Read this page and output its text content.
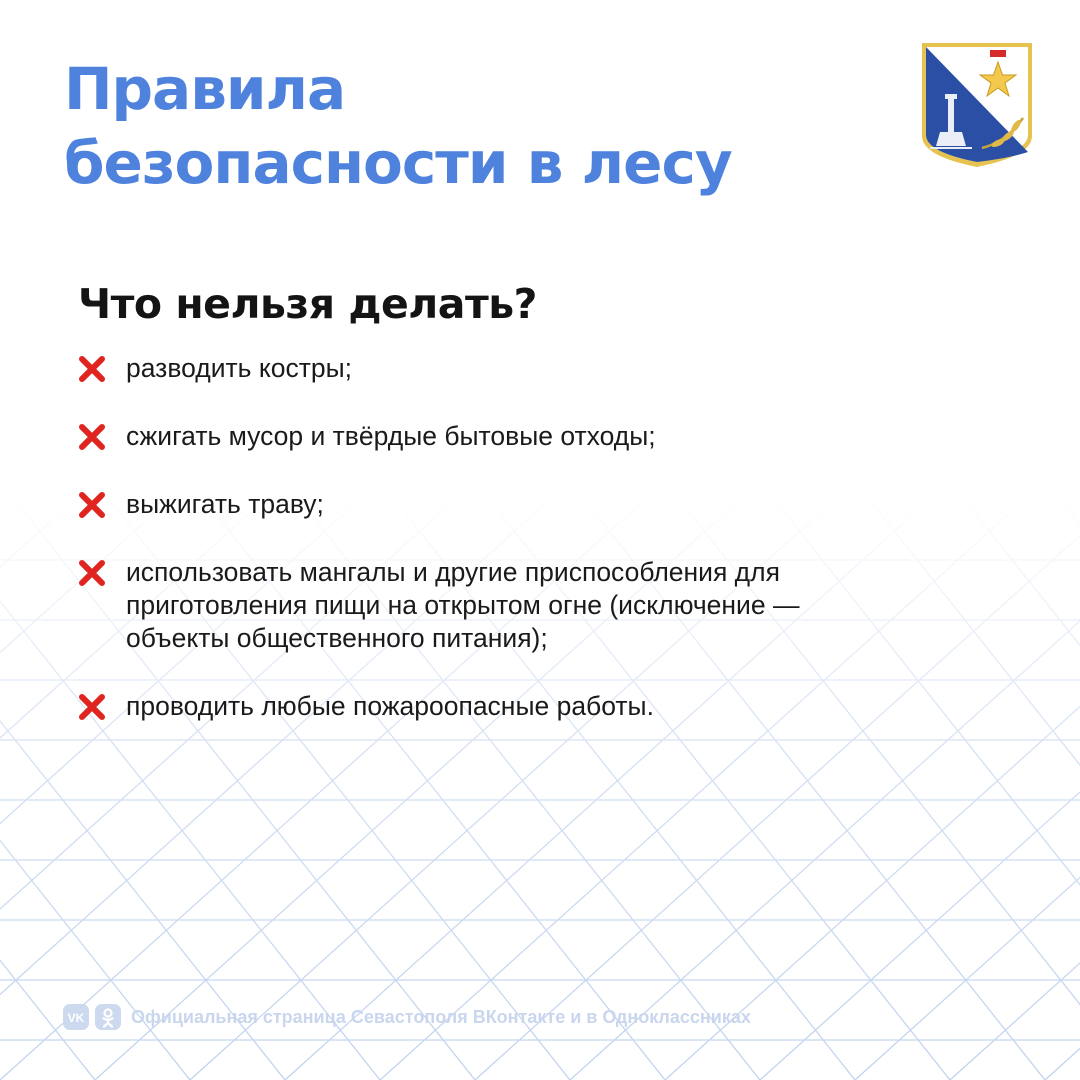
Правила
безопасности в лесу
Что нельзя делать?
разводить костры;
сжигать мусор и твёрдые бытовые отходы;
выжигать траву;
использовать мангалы и другие приспособления для приготовления пищи на открытом огне (исключение — объекты общественного питания);
проводить любые пожароопасные работы.
VK	Официальная страница Севастополя ВКонтакте и в Одноклассниках
